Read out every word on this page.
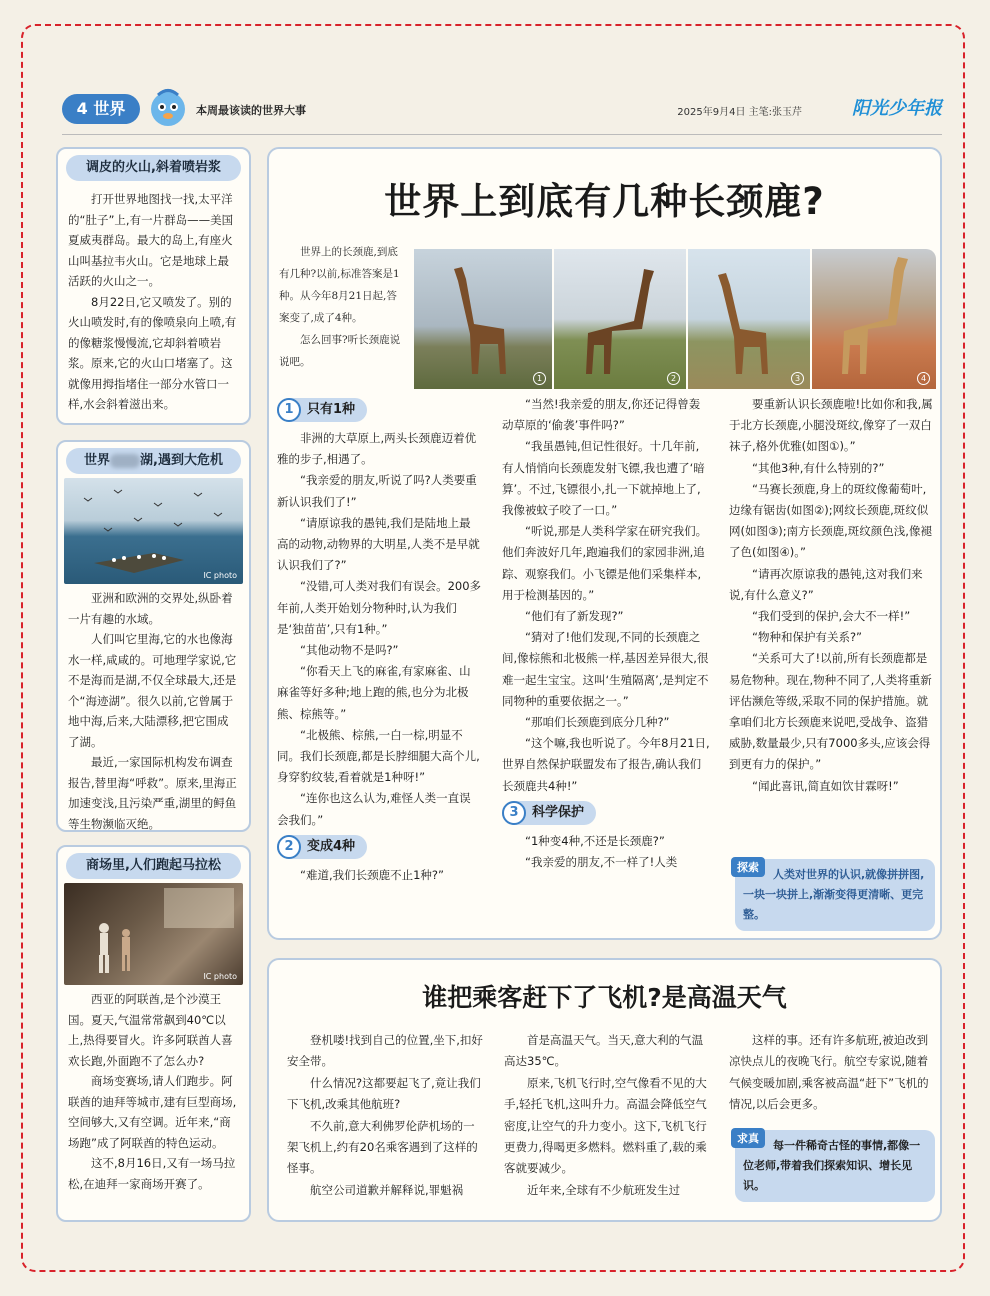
4 世界	本周最该读的世界大事	2025年9月4日 主笔:张玉芹	阳光少年报
调皮的火山,斜着喷岩浆

打开世界地图找一找,太平洋的“肚子”上,有一片群岛——美国夏威夷群岛。最大的岛上,有座火山叫基拉韦火山。它是地球上最活跃的火山之一。

8月22日,它又喷发了。别的火山喷发时,有的像喷泉向上喷,有的像糖浆慢慢流,它却斜着喷岩浆。原来,它的火山口堵塞了。这就像用拇指堵住一部分水管口一样,水会斜着滋出来。

世界 湖,遇到大危机
IC photo

亚洲和欧洲的交界处,纵卧着一片有趣的水域。

人们叫它里海,它的水也像海水一样,咸咸的。可地理学家说,它不是海而是湖,不仅全球最大,还是个“海迹湖”。很久以前,它曾属于地中海,后来,大陆漂移,把它围成了湖。

最近,一家国际机构发布调查报告,替里海“呼救”。原来,里海正加速变浅,且污染严重,湖里的鲟鱼等生物濒临灭绝。

商场里,人们跑起马拉松
IC photo

西亚的阿联酋,是个沙漠王国。夏天,气温常常飙到40℃以上,热得要冒火。许多阿联酋人喜欢长跑,外面跑不了怎么办?

商场变赛场,请人们跑步。阿联酋的迪拜等城市,建有巨型商场,空间够大,又有空调。近年来,“商场跑”成了阿联酋的特色运动。

这不,8月16日,又有一场马拉松,在迪拜一家商场开赛了。

世界上到底有几种长颈鹿?

世界上的长颈鹿,到底有几种?以前,标准答案是1种。从今年8月21日起,答案变了,成了4种。

怎么回事?听长颈鹿说说吧。

1	2	3	4
1 只有1种

非洲的大草原上,两头长颈鹿迈着优雅的步子,相遇了。

“我亲爱的朋友,听说了吗?人类要重新认识我们了!”

“请原谅我的愚钝,我们是陆地上最高的动物,动物界的大明星,人类不是早就认识我们了?”

“没错,可人类对我们有误会。200多年前,人类开始划分物种时,认为我们是‘独苗苗’,只有1种。”

“其他动物不是吗?”

“你看天上飞的麻雀,有家麻雀、山麻雀等好多种;地上跑的熊,也分为北极熊、棕熊等。”

“北极熊、棕熊,一白一棕,明显不同。我们长颈鹿,都是长脖细腿大高个儿,身穿豹纹装,看着就是1种呀!”

“连你也这么认为,难怪人类一直误会我们。”

2 变成4种

“难道,我们长颈鹿不止1种?”

“当然!我亲爱的朋友,你还记得曾轰动草原的‘偷袭’事件吗?”

“我虽愚钝,但记性很好。十几年前,有人悄悄向长颈鹿发射飞镖,我也遭了‘暗算’。不过,飞镖很小,扎一下就掉地上了,我像被蚊子咬了一口。”

“听说,那是人类科学家在研究我们。他们奔波好几年,跑遍我们的家园非洲,追踪、观察我们。小飞镖是他们采集样本,用于检测基因的。”

“他们有了新发现?”

“猜对了!他们发现,不同的长颈鹿之间,像棕熊和北极熊一样,基因差异很大,很难一起生宝宝。这叫‘生殖隔离’,是判定不同物种的重要依据之一。”

“那咱们长颈鹿到底分几种?”

“这个嘛,我也听说了。今年8月21日,世界自然保护联盟发布了报告,确认我们长颈鹿共4种!”

3 科学保护

“1种变4种,不还是长颈鹿?”

“我亲爱的朋友,不一样了!人类

要重新认识长颈鹿啦!比如你和我,属于北方长颈鹿,小腿没斑纹,像穿了一双白袜子,格外优雅(如图①)。”

“其他3种,有什么特别的?”

“马赛长颈鹿,身上的斑纹像葡萄叶,边缘有锯齿(如图②);网纹长颈鹿,斑纹似网(如图③);南方长颈鹿,斑纹颜色浅,像褪了色(如图④)。”

“请再次原谅我的愚钝,这对我们来说,有什么意义?”

“我们受到的保护,会大不一样!”

“物种和保护有关系?”

“关系可大了!以前,所有长颈鹿都是易危物种。现在,物种不同了,人类将重新评估濒危等级,采取不同的保护措施。就拿咱们北方长颈鹿来说吧,受战争、盗猎威胁,数量最少,只有7000多头,应该会得到更有力的保护。”

“闻此喜讯,简直如饮甘霖呀!”

探索
人类对世界的认识,就像拼拼图,一块一块拼上,渐渐变得更清晰、更完整。
谁把乘客赶下了飞机?是高温天气

登机喽!找到自己的位置,坐下,扣好安全带。

什么情况?这都要起飞了,竟让我们下飞机,改乘其他航班?

不久前,意大利佛罗伦萨机场的一架飞机上,约有20名乘客遇到了这样的怪事。

航空公司道歉并解释说,罪魁祸

首是高温天气。当天,意大利的气温高达35℃。

原来,飞机飞行时,空气像看不见的大手,轻托飞机,这叫升力。高温会降低空气密度,让空气的升力变小。这下,飞机飞行更费力,得喝更多燃料。燃料重了,载的乘客就要减少。

近年来,全球有不少航班发生过

这样的事。还有许多航班,被迫改到凉快点儿的夜晚飞行。航空专家说,随着气候变暖加剧,乘客被高温“赶下”飞机的情况,以后会更多。

求真
每一件稀奇古怪的事情,都像一位老师,带着我们探索知识、增长见识。
